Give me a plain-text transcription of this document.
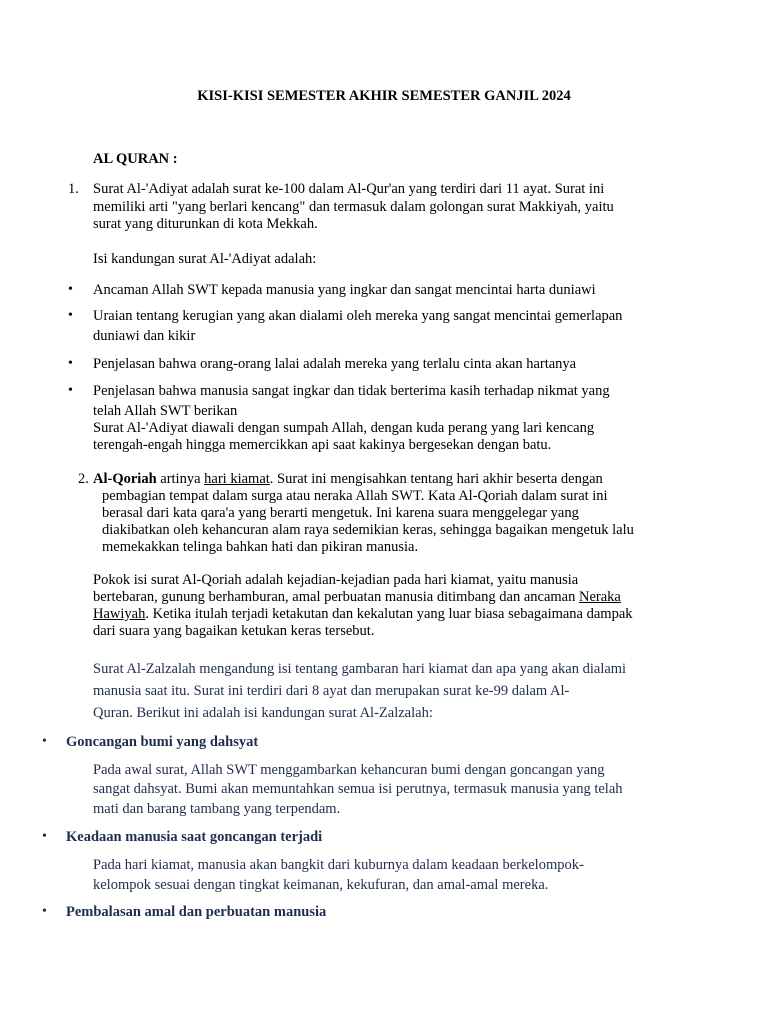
KISI-KISI SEMESTER AKHIR SEMESTER GANJIL 2024
AL QURAN :
1. Surat Al-'Adiyat adalah surat ke-100 dalam Al-Qur'an yang terdiri dari 11 ayat. Surat ini
memiliki arti "yang berlari kencang" dan termasuk dalam golongan surat Makkiyah, yaitu
surat yang diturunkan di kota Mekkah.
Isi kandungan surat Al-'Adiyat adalah:
• Ancaman Allah SWT kepada manusia yang ingkar dan sangat mencintai harta duniawi
• Uraian tentang kerugian yang akan dialami oleh mereka yang sangat mencintai gemerlapan
duniawi dan kikir
• Penjelasan bahwa orang-orang lalai adalah mereka yang terlalu cinta akan hartanya
• Penjelasan bahwa manusia sangat ingkar dan tidak berterima kasih terhadap nikmat yang
telah Allah SWT berikan
Surat Al-'Adiyat diawali dengan sumpah Allah, dengan kuda perang yang lari kencang
terengah-engah hingga memercikkan api saat kakinya bergesekan dengan batu.
2. Al-Qoriah artinya hari kiamat. Surat ini mengisahkan tentang hari akhir beserta dengan
pembagian tempat dalam surga atau neraka Allah SWT. Kata Al-Qoriah dalam surat ini
berasal dari kata qara'a yang berarti mengetuk. Ini karena suara menggelegar yang
diakibatkan oleh kehancuran alam raya sedemikian keras, sehingga bagaikan mengetuk lalu
memekakkan telinga bahkan hati dan pikiran manusia.
Pokok isi surat Al-Qoriah adalah kejadian-kejadian pada hari kiamat, yaitu manusia
bertebaran, gunung berhamburan, amal perbuatan manusia ditimbang dan ancaman Neraka
Hawiyah. Ketika itulah terjadi ketakutan dan kekalutan yang luar biasa sebagaimana dampak
dari suara yang bagaikan ketukan keras tersebut.
Surat Al-Zalzalah mengandung isi tentang gambaran hari kiamat dan apa yang akan dialami
manusia saat itu. Surat ini terdiri dari 8 ayat dan merupakan surat ke-99 dalam Al-
Quran. Berikut ini adalah isi kandungan surat Al-Zalzalah:
• Goncangan bumi yang dahsyat
Pada awal surat, Allah SWT menggambarkan kehancuran bumi dengan goncangan yang
sangat dahsyat. Bumi akan memuntahkan semua isi perutnya, termasuk manusia yang telah
mati dan barang tambang yang terpendam.
• Keadaan manusia saat goncangan terjadi
Pada hari kiamat, manusia akan bangkit dari kuburnya dalam keadaan berkelompok-
kelompok sesuai dengan tingkat keimanan, kekufuran, dan amal-amal mereka.
• Pembalasan amal dan perbuatan manusia
